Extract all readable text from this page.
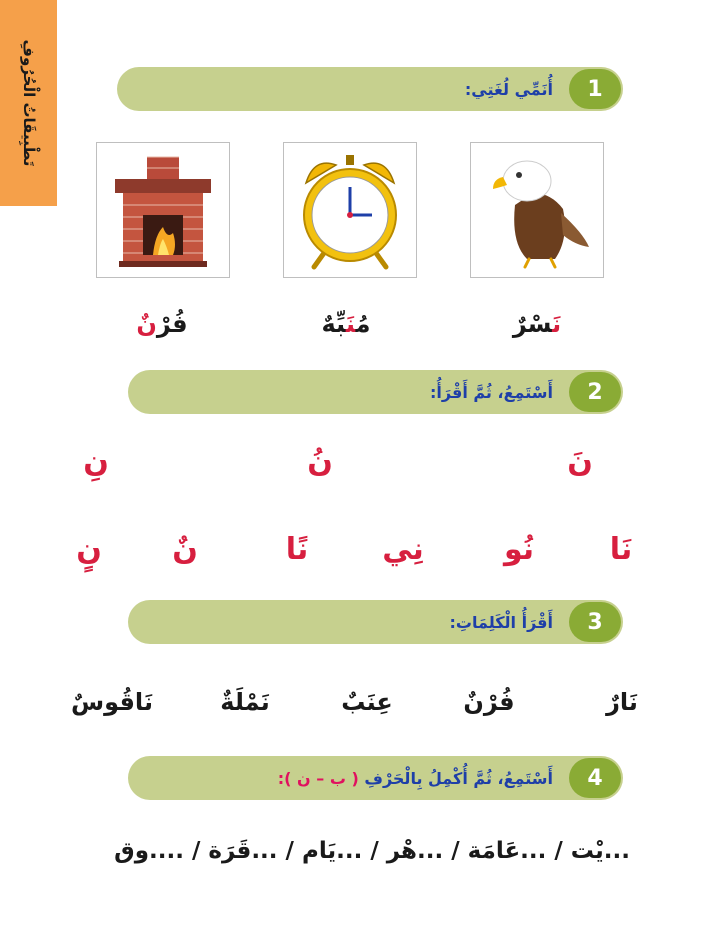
تَطْبِيقَاتُ الْحُرُوفِ	1
أُنَمِّي لُغَتِي:
نَسْرٌ
مُنَبِّهٌ
فُرْنٌ
2
أَسْتَمِعُ، ثُمَّ أَقْرَأُ:
نَ
نُ
نِ
نَا
نُو
نِي
نًا
نٌ
نٍ
3
أَقْرَأُ الْكَلِمَاتِ:
نَارٌ
فُرْنٌ
عِنَبٌ
نَمْلَةٌ
نَاقُوسٌ
4
أَسْتَمِعُ، ثُمَّ أُكْمِلُ بِالْحَرْفِ

( ب – ن ):
...يْت / ...عَامَة / ...هْر / ...يَام / ...قَرَة / ....وق
